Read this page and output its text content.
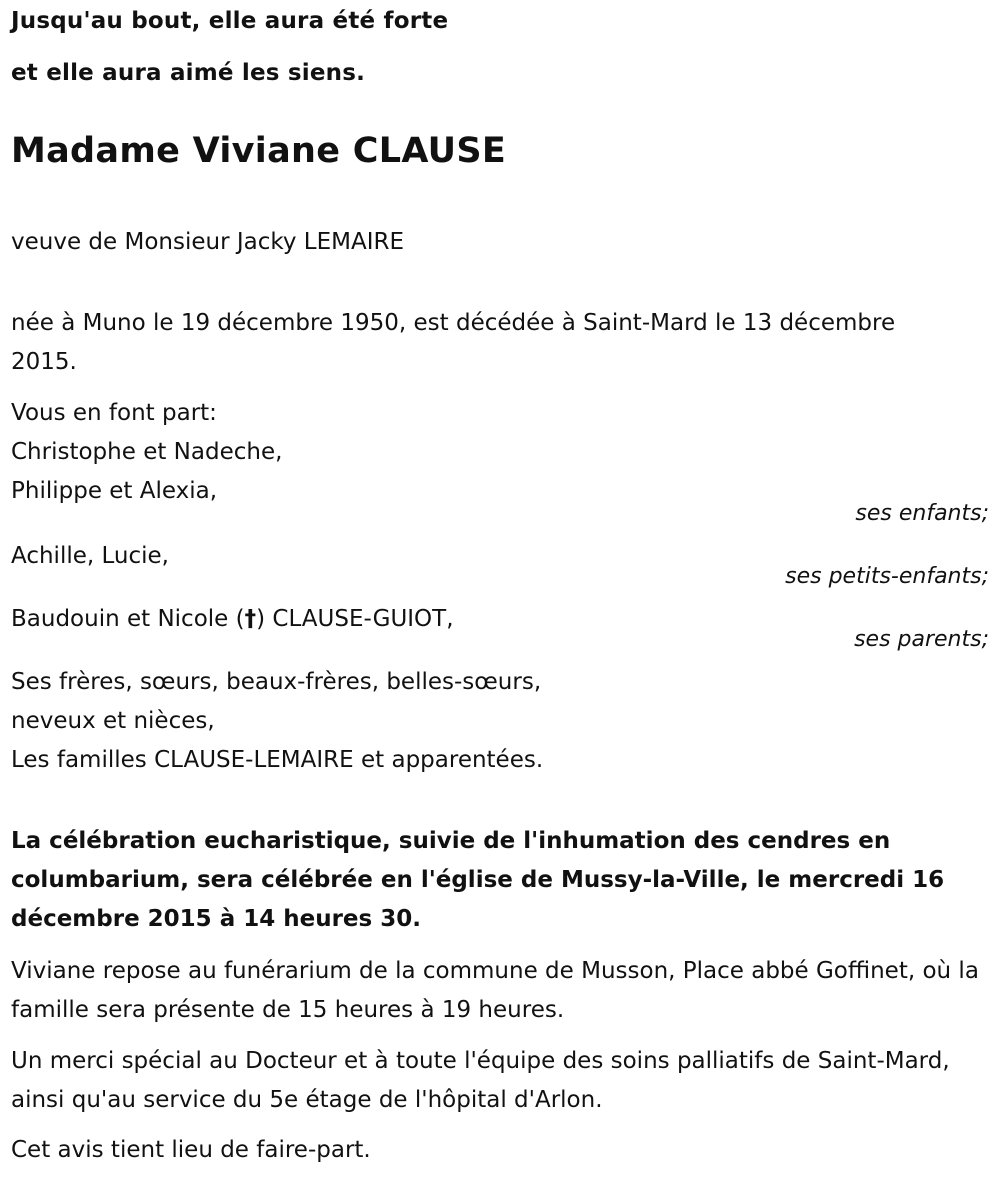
Jusqu'au bout, elle aura été forte

et elle aura aimé les siens.

Madame Viviane CLAUSE

veuve de Monsieur Jacky LEMAIRE

née à Muno le 19 décembre 1950, est décédée à Saint-Mard le 13 décembre 2015.

Vous en font part:

Christophe et Nadeche,
Philippe et Alexia,
ses enfants;
Achille, Lucie,
ses petits-enfants;
Baudouin et Nicole (†) CLAUSE-GUIOT,
ses parents;
Ses frères, sœurs, beaux-frères, belles-sœurs,
neveux et nièces,
Les familles CLAUSE-LEMAIRE et apparentées.

La célébration eucharistique, suivie de l'inhumation des cendres en columbarium, sera célébrée en l'église de Mussy-la-Ville, le mercredi 16 décembre 2015 à 14 heures 30.

Viviane repose au funérarium de la commune de Musson, Place abbé Goffinet, où la famille sera présente de 15 heures à 19 heures.

Un merci spécial au Docteur et à toute l'équipe des soins palliatifs de Saint-Mard, ainsi qu'au service du 5e étage de l'hôpital d'Arlon.

Cet avis tient lieu de faire-part.
